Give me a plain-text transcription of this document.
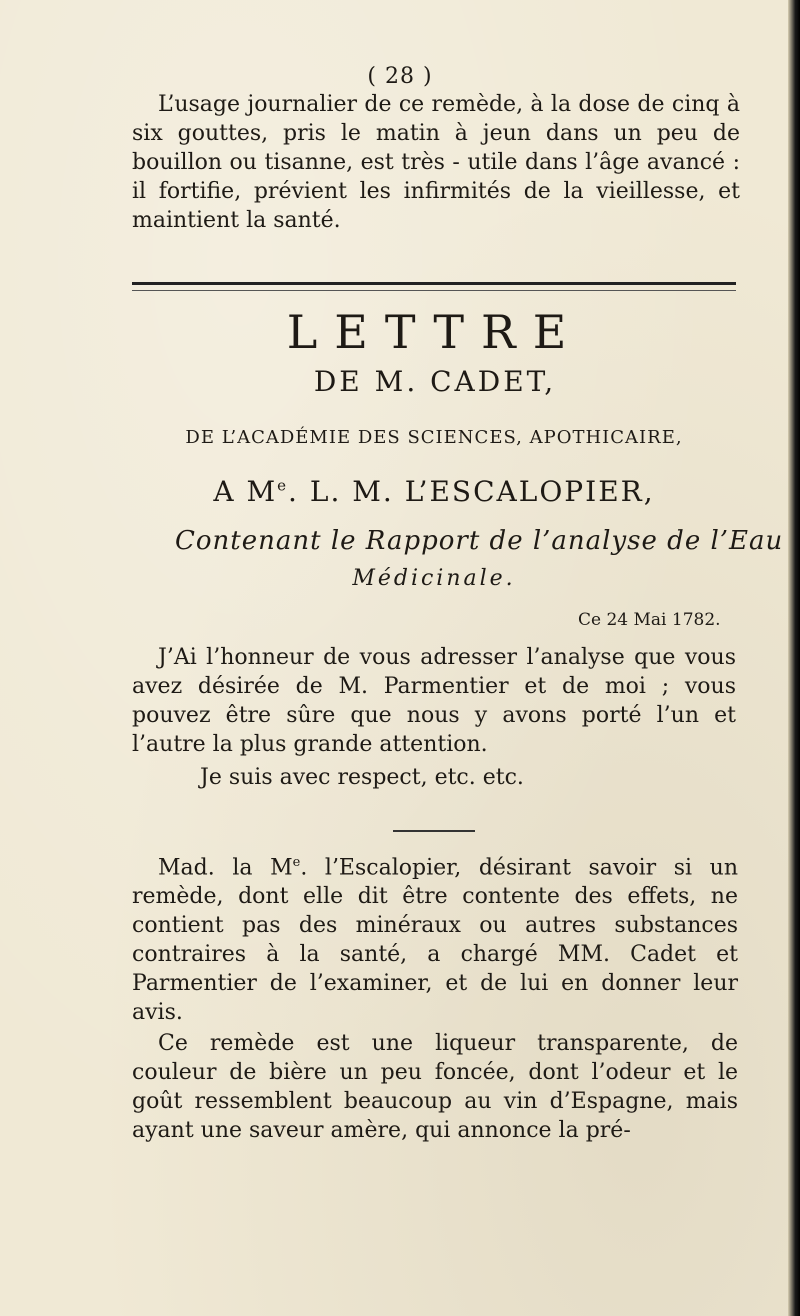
( 28 )

L’usage journalier de ce remède, à la dose de cinq à six gouttes, pris le matin à jeun dans un peu de bouillon ou tisanne, est très - utile dans l’âge avancé : il fortifie, prévient les infirmités de la vieillesse, et maintient la santé.

LETTRE
DE M. CADET,
DE L’ACADÉMIE DES SCIENCES, APOTHICAIRE,
A Me. L. M. L’ESCALOPIER,
Contenant le Rapport de l’analyse de l’Eau
Médicinale.
Ce 24 Mai 1782.

J’Ai l’honneur de vous adresser l’analyse que vous avez désirée de M. Parmentier et de moi ; vous pouvez être sûre que nous y avons porté l’un et l’autre la plus grande attention.

Je suis avec respect, etc. etc.

Mad. la Me. l’Escalopier, désirant savoir si un remède, dont elle dit être contente des effets, ne contient pas des minéraux ou autres substances contraires à la santé, a chargé MM. Cadet et Parmentier de l’examiner, et de lui en donner leur avis.

Ce remède est une liqueur transparente, de couleur de bière un peu foncée, dont l’odeur et le goût ressemblent beaucoup au vin d’Espagne, mais ayant une saveur amère, qui annonce la pré-
